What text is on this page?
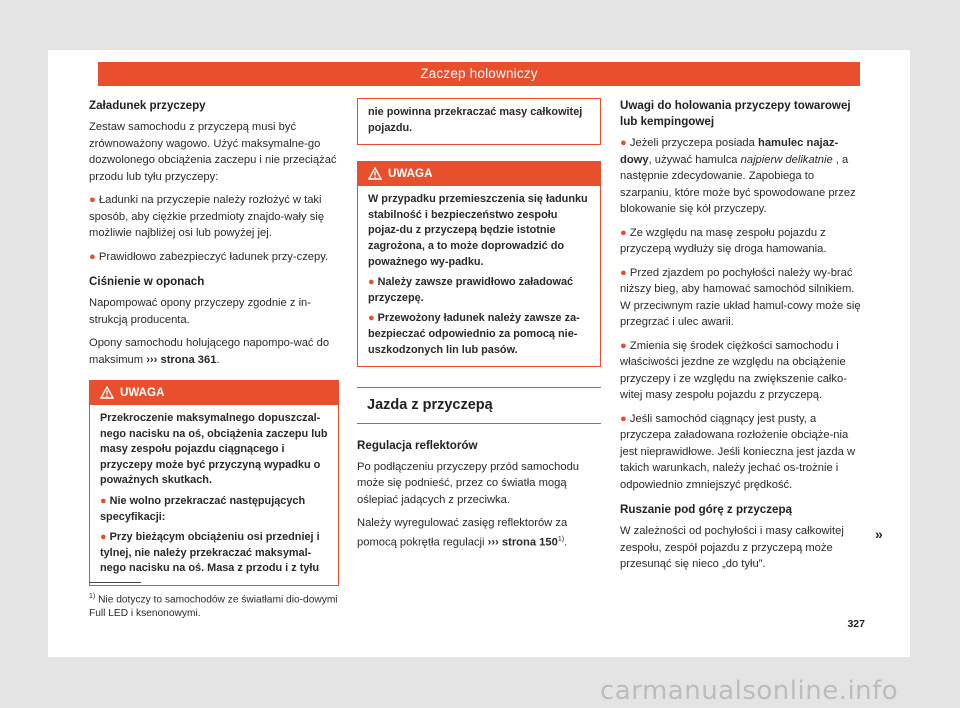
Zaczep holowniczy
Załadunek przyczepy

Zestaw samochodu z przyczepą musi być zrównoważony wagowo. Użyć maksymalne-go dozwolonego obciążenia zaczepu i nie przeciążać przodu lub tyłu przyczepy:

● Ładunki na przyczepie należy rozłożyć w taki sposób, aby ciężkie przedmioty znajdo-wały się możliwie najbliżej osi lub powyżej jej.

● Prawidłowo zabezpieczyć ładunek przy-czepy.

Ciśnienie w oponach

Napompować opony przyczepy zgodnie z in-strukcją producenta.

Opony samochodu holującego napompo-wać do maksimum ››› strona 361.

UWAGA

Przekroczenie maksymalnego dopuszczal-nego nacisku na oś, obciążenia zaczepu lub masy zespołu pojazdu ciągnącego i przyczepy może być przyczyną wypadku o poważnych skutkach.

● Nie wolno przekraczać następujących specyfikacji:

● Przy bieżącym obciążeniu osi przedniej i tylnej, nie należy przekraczać maksymal-nego nacisku na oś. Masa z przodu i z tyłu

nie powinna przekraczać masy całkowitej pojazdu.
UWAGA

W przypadku przemieszczenia się ładunku stabilność i bezpieczeństwo zespołu pojaz-du z przyczepą będzie istotnie zagrożona, a to może doprowadzić do poważnego wy-padku.

● Należy zawsze prawidłowo załadować przyczepę.

● Przewożony ładunek należy zawsze za-bezpieczać odpowiednio za pomocą nie-uszkodzonych lin lub pasów.

Jazda z przyczepą
Regulacja reflektorów

Po podłączeniu przyczepy przód samochodu może się podnieść, przez co światła mogą oślepiać jadących z przeciwka.

Należy wyregulować zasięg reflektorów za pomocą pokrętła regulacji ››› strona 150$^{1)}$.

Uwagi do holowania przyczepy towarowej lub kempingowej

● Jeżeli przyczepa posiada hamulec najaz-dowy, używać hamulca najpierw delikatnie , a następnie zdecydowanie. Zapobiega to szarpaniu, które może być spowodowane przez blokowanie się kół przyczepy.

● Ze względu na masę zespołu pojazdu z przyczepą wydłuży się droga hamowania.

● Przed zjazdem po pochyłości należy wy-brać niższy bieg, aby hamować samochód silnikiem. W przeciwnym razie układ hamul-cowy może się przegrzać i ulec awarii.

● Zmienia się środek ciężkości samochodu i właściwości jezdne ze względu na obciążenie przyczepy i ze względu na zwiększenie całko-witej masy zespołu pojazdu z przyczepą.

● Jeśli samochód ciągnący jest pusty, a przyczepa załadowana rozłożenie obciąże-nia jest nieprawidłowe. Jeśli konieczna jest jazda w takich warunkach, należy jechać os-trożnie i odpowiednio zmniejszyć prędkość.

Ruszanie pod górę z przyczepą

W zależności od pochyłości i masy całkowitej zespołu, zespół pojazdu z przyczepą może przesunąć się nieco „do tyłu”.

»
$^{1)}$ Nie dotyczy to samochodów ze światłami dio-dowymi Full LED i ksenonowymi.
327
carmanualsonline.info
